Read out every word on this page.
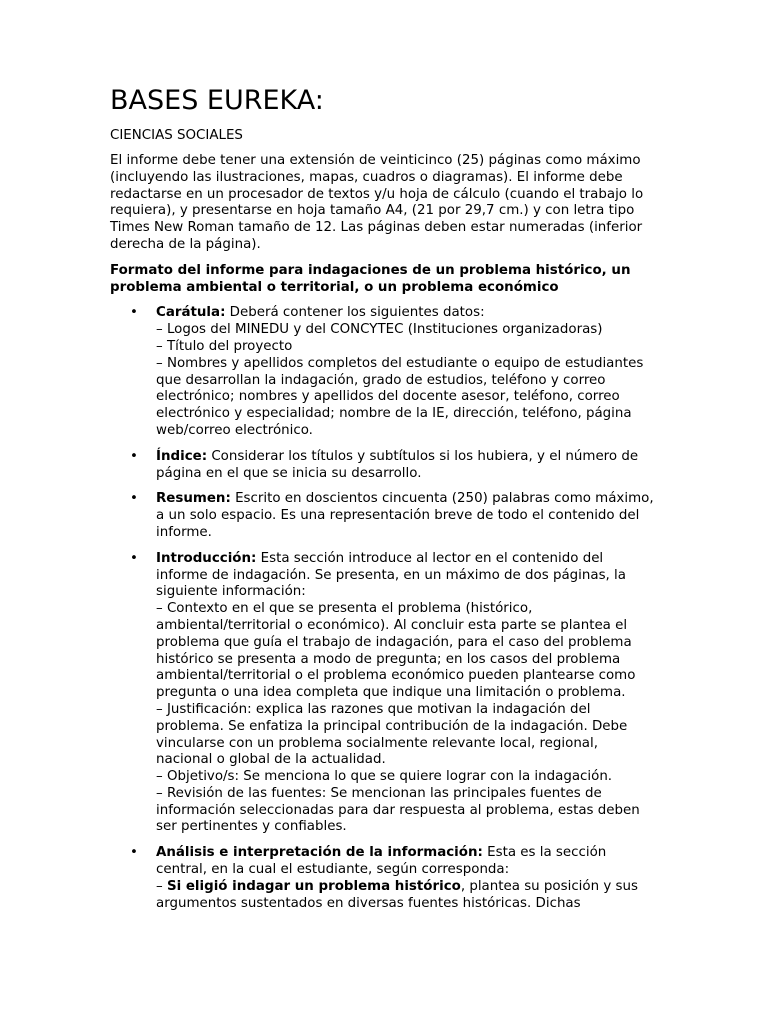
BASES EUREKA:
CIENCIAS SOCIALES

El informe debe tener una extensión de veinticinco (25) páginas como máximo (incluyendo las ilustraciones, mapas, cuadros o diagramas). El informe debe redactarse en un procesador de textos y/u hoja de cálculo (cuando el trabajo lo requiera), y presentarse en hoja tamaño A4, (21 por 29,7 cm.) y con letra tipo Times New Roman tamaño de 12. Las páginas deben estar numeradas (inferior derecha de la página).

Formato del informe para indagaciones de un problema histórico, un problema ambiental o territorial, o un problema económico
• Carátula: Deberá contener los siguientes datos:
– Logos del MINEDU y del CONCYTEC (Instituciones organizadoras)
– Título del proyecto
– Nombres y apellidos completos del estudiante o equipo de estudiantes que desarrollan la indagación, grado de estudios, teléfono y correo electrónico; nombres y apellidos del docente asesor, teléfono, correo electrónico y especialidad; nombre de la IE, dirección, teléfono, página web/correo electrónico.
• Índice: Considerar los títulos y subtítulos si los hubiera, y el número de página en el que se inicia su desarrollo.
• Resumen: Escrito en doscientos cincuenta (250) palabras como máximo, a un solo espacio. Es una representación breve de todo el contenido del informe.
• Introducción: Esta sección introduce al lector en el contenido del informe de indagación. Se presenta, en un máximo de dos páginas, la siguiente información:
– Contexto en el que se presenta el problema (histórico, ambiental/territorial o económico). Al concluir esta parte se plantea el problema que guía el trabajo de indagación, para el caso del problema histórico se presenta a modo de pregunta; en los casos del problema ambiental/territorial o el problema económico pueden plantearse como pregunta o una idea completa que indique una limitación o problema.
– Justificación: explica las razones que motivan la indagación del problema. Se enfatiza la principal contribución de la indagación. Debe vincularse con un problema socialmente relevante local, regional, nacional o global de la actualidad.
– Objetivo/s: Se menciona lo que se quiere lograr con la indagación.
– Revisión de las fuentes: Se mencionan las principales fuentes de información seleccionadas para dar respuesta al problema, estas deben ser pertinentes y confiables.
• Análisis e interpretación de la información: Esta es la sección central, en la cual el estudiante, según corresponda:
– Si eligió indagar un problema histórico, plantea su posición y sus argumentos sustentados en diversas fuentes históricas. Dichas
